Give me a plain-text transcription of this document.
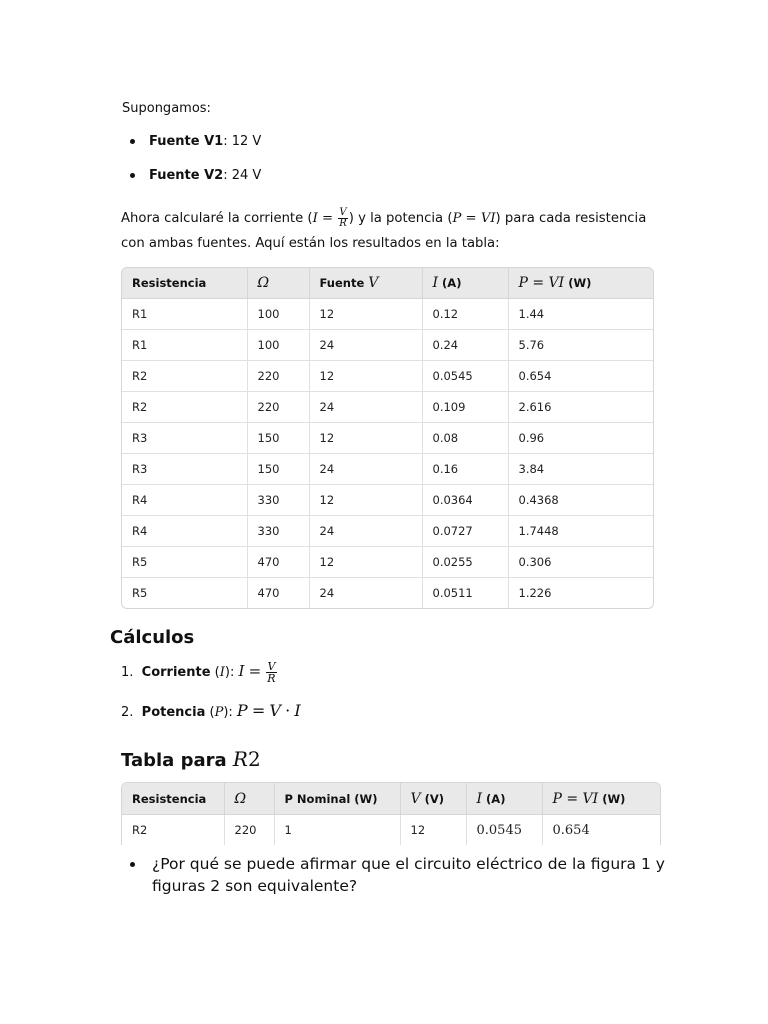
Supongamos:
Fuente V1: 12 V
Fuente V2: 24 V
Ahora calcularé la corriente ($I = \frac{V}{R}$ ) y la potencia (P = VI) para cada resistencia con ambas fuentes. Aquí están los resultados en la tabla:
Resistencia	Ω	Fuente V	I (A)	P = VI (W)
R1	100	12	0.12	1.44
R1	100	24	0.24	5.76
R2	220	12	0.0545	0.654
R2	220	24	0.109	2.616
R3	150	12	0.08	0.96
R3	150	24	0.16	3.84
R4	330	12	0.0364	0.4368
R4	330	24	0.0727	1.7448
R5	470	12	0.0255	0.306
R5	470	24	0.0511	1.226
Cálculos
1. Corriente (I): $I = \frac{V}{R}$
2. Potencia (P): P = V · I
Tabla para R2
Resistencia	Ω	P Nominal (W)	V (V)	I (A)	P = VI (W)
R2	220	1	12	0.0545	0.654
¿Por qué se puede afirmar que el circuito eléctrico de la figura 1 y figuras 2 son equivalente?
